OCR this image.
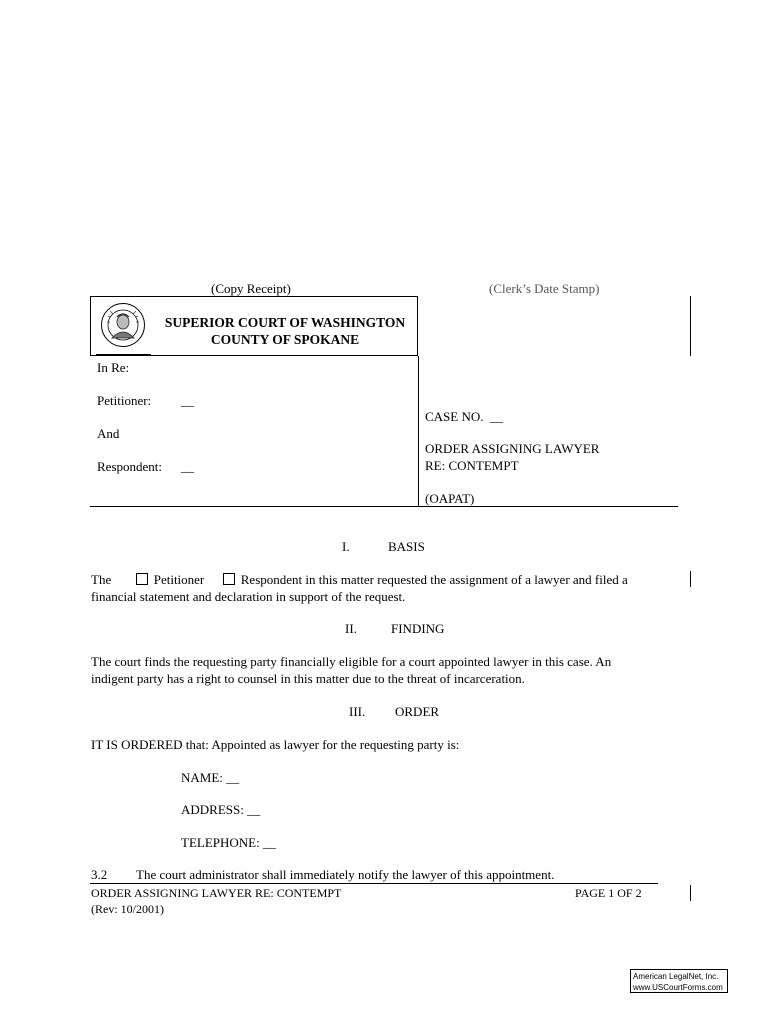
(Copy Receipt)	(Clerk’s Date Stamp)
SUPERIOR COURT OF WASHINGTON
COUNTY OF SPOKANE
In Re:
Petitioner: __
And
Respondent: __
CASE NO. __
ORDER ASSIGNING LAWYER
RE: CONTEMPT
(OAPAT)
I.	BASIS
The	Petitioner	Respondent in this matter requested the assignment of a lawyer and filed a
financial statement and declaration in support of the request.
II.	FINDING
The court finds the requesting party financially eligible for a court appointed lawyer in this case. An
indigent party has a right to counsel in this matter due to the threat of incarceration.
III. ORDER
IT IS ORDERED that: Appointed as lawyer for the requesting party is:
NAME: __
ADDRESS: __
TELEPHONE: __
3.2 The court administrator shall immediately notify the lawyer of this appointment.
ORDER ASSIGNING LAWYER RE: CONTEMPT
(Rev: 10/2001)
PAGE 1 OF 2
American LegalNet, Inc.
www.USCourtForms.com
